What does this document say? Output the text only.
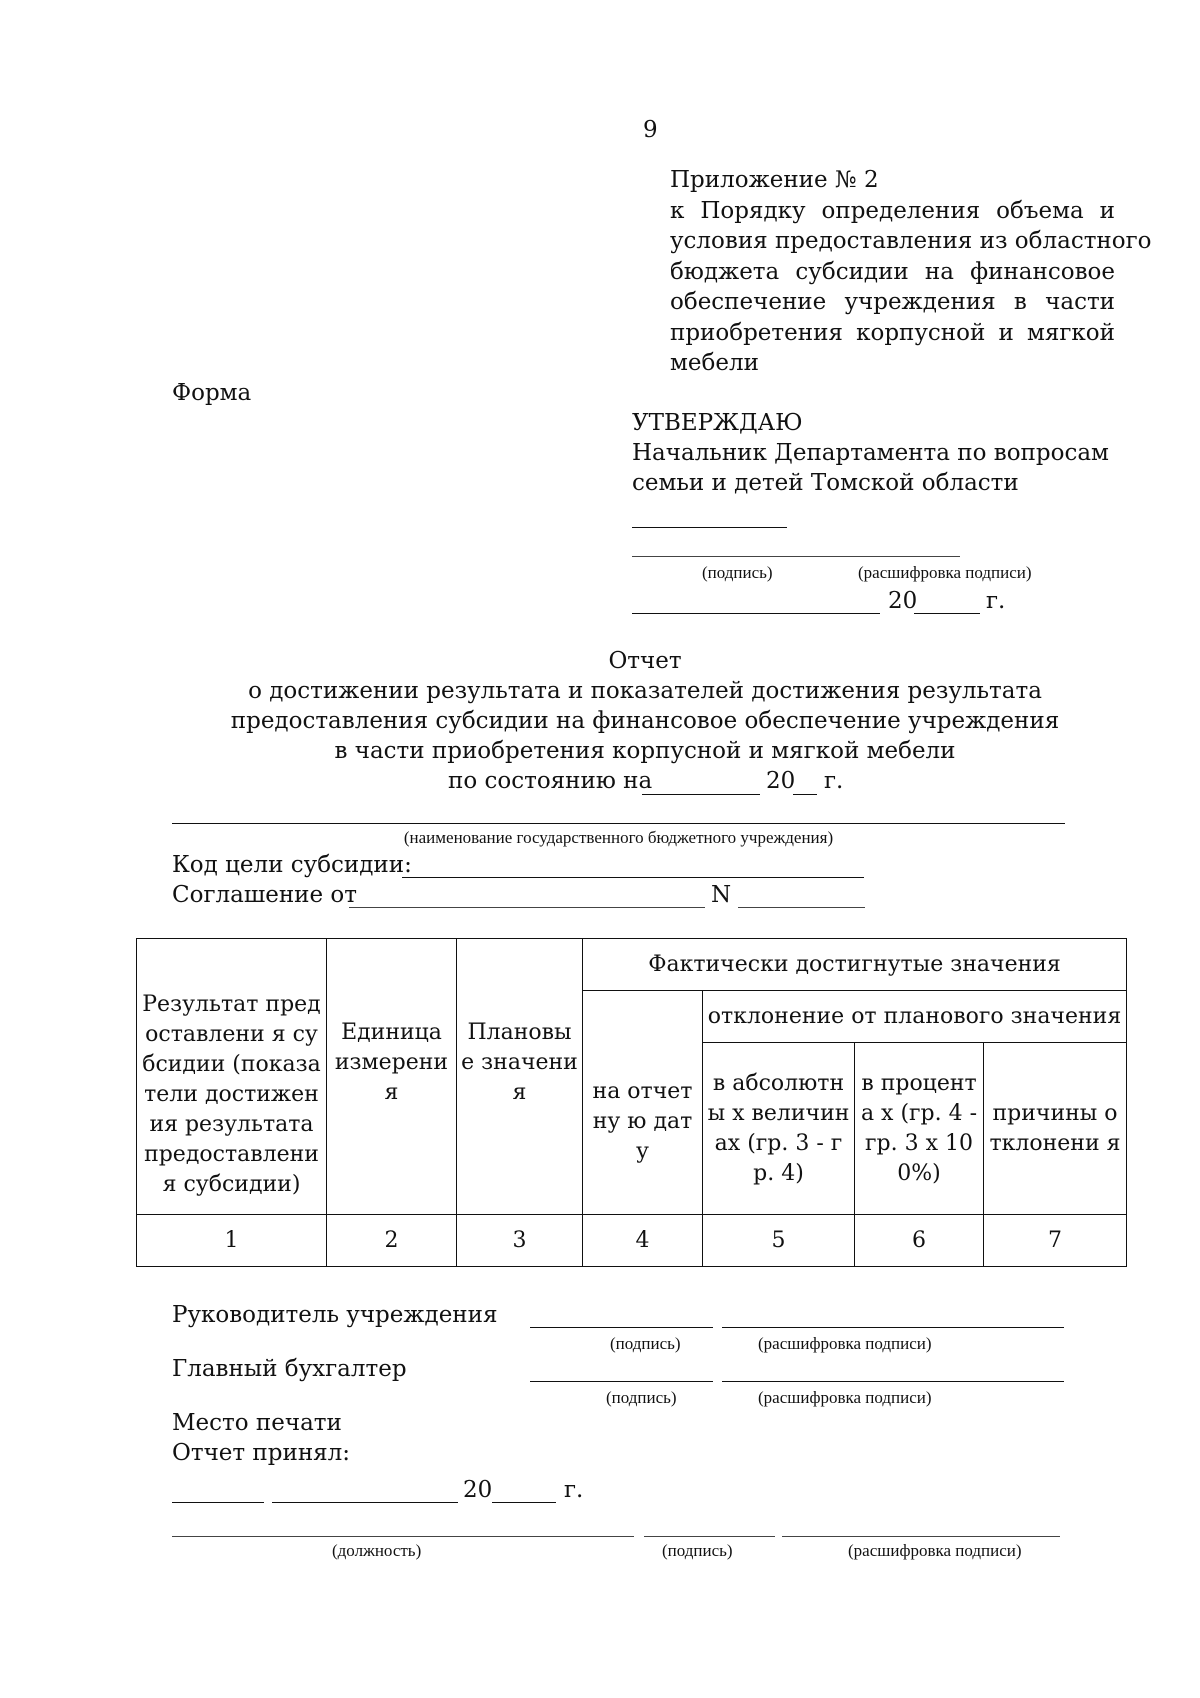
9
Приложение № 2
к Порядку определения объема и
условия предоставления из областного
бюджета субсидии на финансовое
обеспечение учреждения в части
приобретения корпусной и мягкой
мебели
Форма
УТВЕРЖДАЮ
Начальник Департамента по вопросам
семьи и детей Томской области
(подпись)	(расшифровка подписи)
20	г.
Отчет
о достижении результата и показателей достижения результата
предоставления субсидии на финансовое обеспечение учреждения
в части приобретения корпусной и мягкой мебели
по состоянию на	20 г.
(наименование государственного бюджетного учреждения)
Код цели субсидии:
Соглашение от	N
Результат предоставлени я субсидии (показатели достижения результата предоставлени я субсидии)	Единица измерени я	Плановы е значения	Фактически достигнутые значения			
			на отчетну ю дату	отклонение от планового значения		
				в абсолютны х величинах (гр. 3 - гр. 4)	в процента х (гр. 4 - гр. 3 х 100%)	причины отклонени я
1	2	3	4	5	6	7
Руководитель учреждения
(подпись)	(расшифровка подписи)
Главный бухгалтер
(подпись)	(расшифровка подписи)
Место печати
Отчет принял:
20	г.
(должность)	(подпись)	(расшифровка подписи)
